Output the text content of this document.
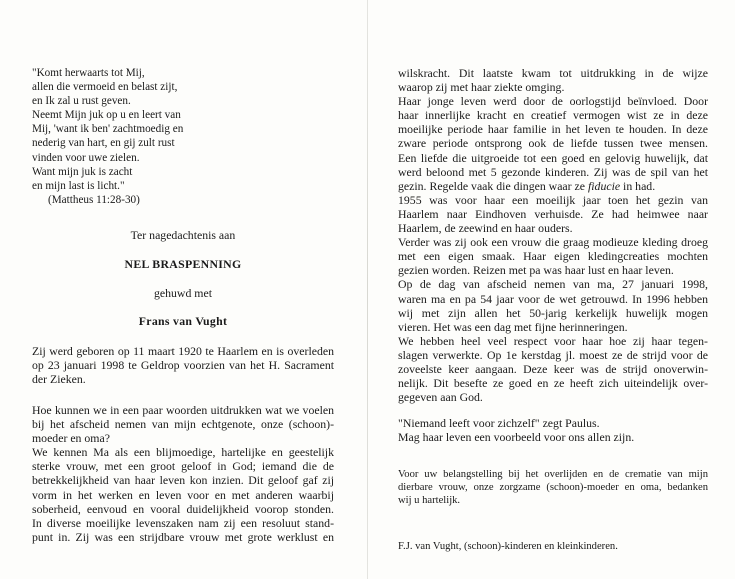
"Komt herwaarts tot Mij,

allen die vermoeid en belast zijt,

en Ik zal u rust geven.

Neemt Mijn juk op u en leert van

Mij, 'want ik ben' zachtmoedig en

nederig van hart, en gij zult rust

vinden voor uwe zielen.

Want mijn juk is zacht

en mijn last is licht."

(Mattheus 11:28-30)

Ter nagedachtenis aan

NEL BRASPENNING

gehuwd met

Frans van Vught

Zij werd geboren op 11 maart 1920 te Haarlem en is overleden
op 23 januari 1998 te Geldrop voorzien van het H. Sacrament

der Zieken.

Hoe kunnen we in een paar woorden uitdrukken wat we voelen
bij het afscheid nemen van mijn echtgenote, onze (schoon)-

moeder en oma?

We kennen Ma als een blijmoedige, hartelijke en geestelijk
sterke vrouw, met een groot geloof in God; iemand die de
betrekkelijkheid van haar leven kon inzien. Dit geloof gaf zij
vorm in het werken en leven voor en met anderen waarbij
soberheid, eenvoud en vooral duidelijkheid voorop stonden.
In diverse moeilijke levenszaken nam zij een resoluut stand-
punt in. Zij was een strijdbare vrouw met grote werklust en
wilskracht. Dit laatste kwam tot uitdrukking in de wijze

waarop zij met haar ziekte omging.

Haar jonge leven werd door de oorlogstijd beïnvloed. Door
haar innerlijke kracht en creatief vermogen wist ze in deze
moeilijke periode haar familie in het leven te houden. In deze
zware periode ontsprong ook de liefde tussen twee mensen.
Een liefde die uitgroeide tot een goed en gelovig huwelijk, dat
werd beloond met 5 gezonde kinderen. Zij was de spil van het

gezin. Regelde vaak die dingen waar ze fiducie in had.

1955 was voor haar een moeilijk jaar toen het gezin van
Haarlem naar Eindhoven verhuisde. Ze had heimwee naar

Haarlem, de zeewind en haar ouders.

Verder was zij ook een vrouw die graag modieuze kleding droeg
met een eigen smaak. Haar eigen kledingcreaties mochten

gezien worden. Reizen met pa was haar lust en haar leven.

Op de dag van afscheid nemen van ma, 27 januari 1998,
waren ma en pa 54 jaar voor de wet getrouwd. In 1996 hebben
wij met zijn allen het 50-jarig kerkelijk huwelijk mogen

vieren. Het was een dag met fijne herinneringen.

We hebben heel veel respect voor haar hoe zij haar tegen-
slagen verwerkte. Op 1e kerstdag jl. moest ze de strijd voor de
zoveelste keer aangaan. Deze keer was de strijd onoverwin-
nelijk. Dit besefte ze goed en ze heeft zich uiteindelijk over-

gegeven aan God.

"Niemand leeft voor zichzelf" zegt Paulus.

Mag haar leven een voorbeeld voor ons allen zijn.

Voor uw belangstelling bij het overlijden en de crematie van mijn
dierbare vrouw, onze zorgzame (schoon)-moeder en oma, bedanken

wij u hartelijk.

F.J. van Vught, (schoon)-kinderen en kleinkinderen.
